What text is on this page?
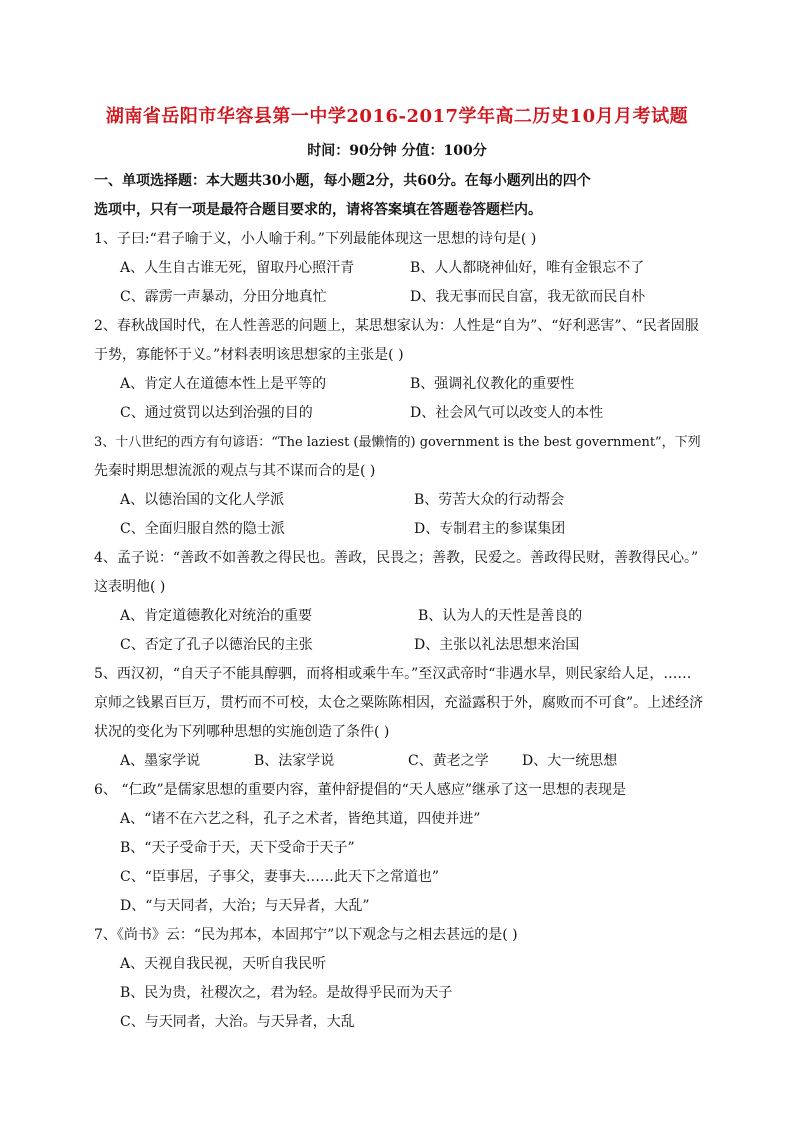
湖南省岳阳市华容县第一中学2016-2017学年高二历史10月月考试题
时间：90分钟 分值：100分
一、单项选择题：本大题共30小题，每小题2分，共60分。在每小题列出的四个
选项中，只有一项是最符合题目要求的，请将答案填在答题卷答题栏内。
1、子曰:“君子喻于义，小人喻于利。”下列最能体现这一思想的诗句是( )
A、人生自古谁无死，留取丹心照汗青	B、人人都晓神仙好，唯有金银忘不了
C、霹雳一声暴动，分田分地真忙	D、我无事而民自富，我无欲而民自朴
2、春秋战国时代，在人性善恶的问题上，某思想家认为：人性是“自为”、“好利恶害”、“民者固服
于势，寡能怀于义。”材料表明该思想家的主张是( )
A、肯定人在道德本性上是平等的	B、强调礼仪教化的重要性
C、通过赏罚以达到治强的目的	D、社会风气可以改变人的本性
3、十八世纪的西方有句谚语：“The laziest (最懒惰的) government is the best government”，下列
先秦时期思想流派的观点与其不谋而合的是( )
A、以德治国的文化人学派	B、劳苦大众的行动帮会
C、全面归服自然的隐士派	D、专制君主的参谋集团
4、孟子说：“善政不如善教之得民也。善政，民畏之；善教，民爱之。善政得民财，善教得民心。”
这表明他( )
A、肯定道德教化对统治的重要	B、认为人的天性是善良的
C、否定了孔子以德治民的主张	D、主张以礼法思想来治国
5、西汉初，“自天子不能具醇驷，而将相或乘牛车。”至汉武帝时“非遇水旱，则民家给人足，……
京师之钱累百巨万，贯朽而不可校，太仓之粟陈陈相因，充溢露积于外，腐败而不可食”。上述经济
状况的变化为下列哪种思想的实施创造了条件( )
A、墨家学说	B、法家学说	C、黄老之学 D、大一统思想
6、 “仁政”是儒家思想的重要内容，董仲舒提倡的“天人感应”继承了这一思想的表现是
A、“诸不在六艺之科，孔子之术者，皆绝其道，四使并进”
B、“天子受命于天，天下受命于天子”
C、“臣事居，子事父，妻事夫……此天下之常道也”
D、“与天同者，大治；与天异者，大乱”
7、《尚书》云：“民为邦本，本固邦宁”以下观念与之相去甚远的是( )
A、天视自我民视，天听自我民听
B、民为贵，社稷次之，君为轻。是故得乎民而为天子
C、与天同者，大治。与天异者，大乱
